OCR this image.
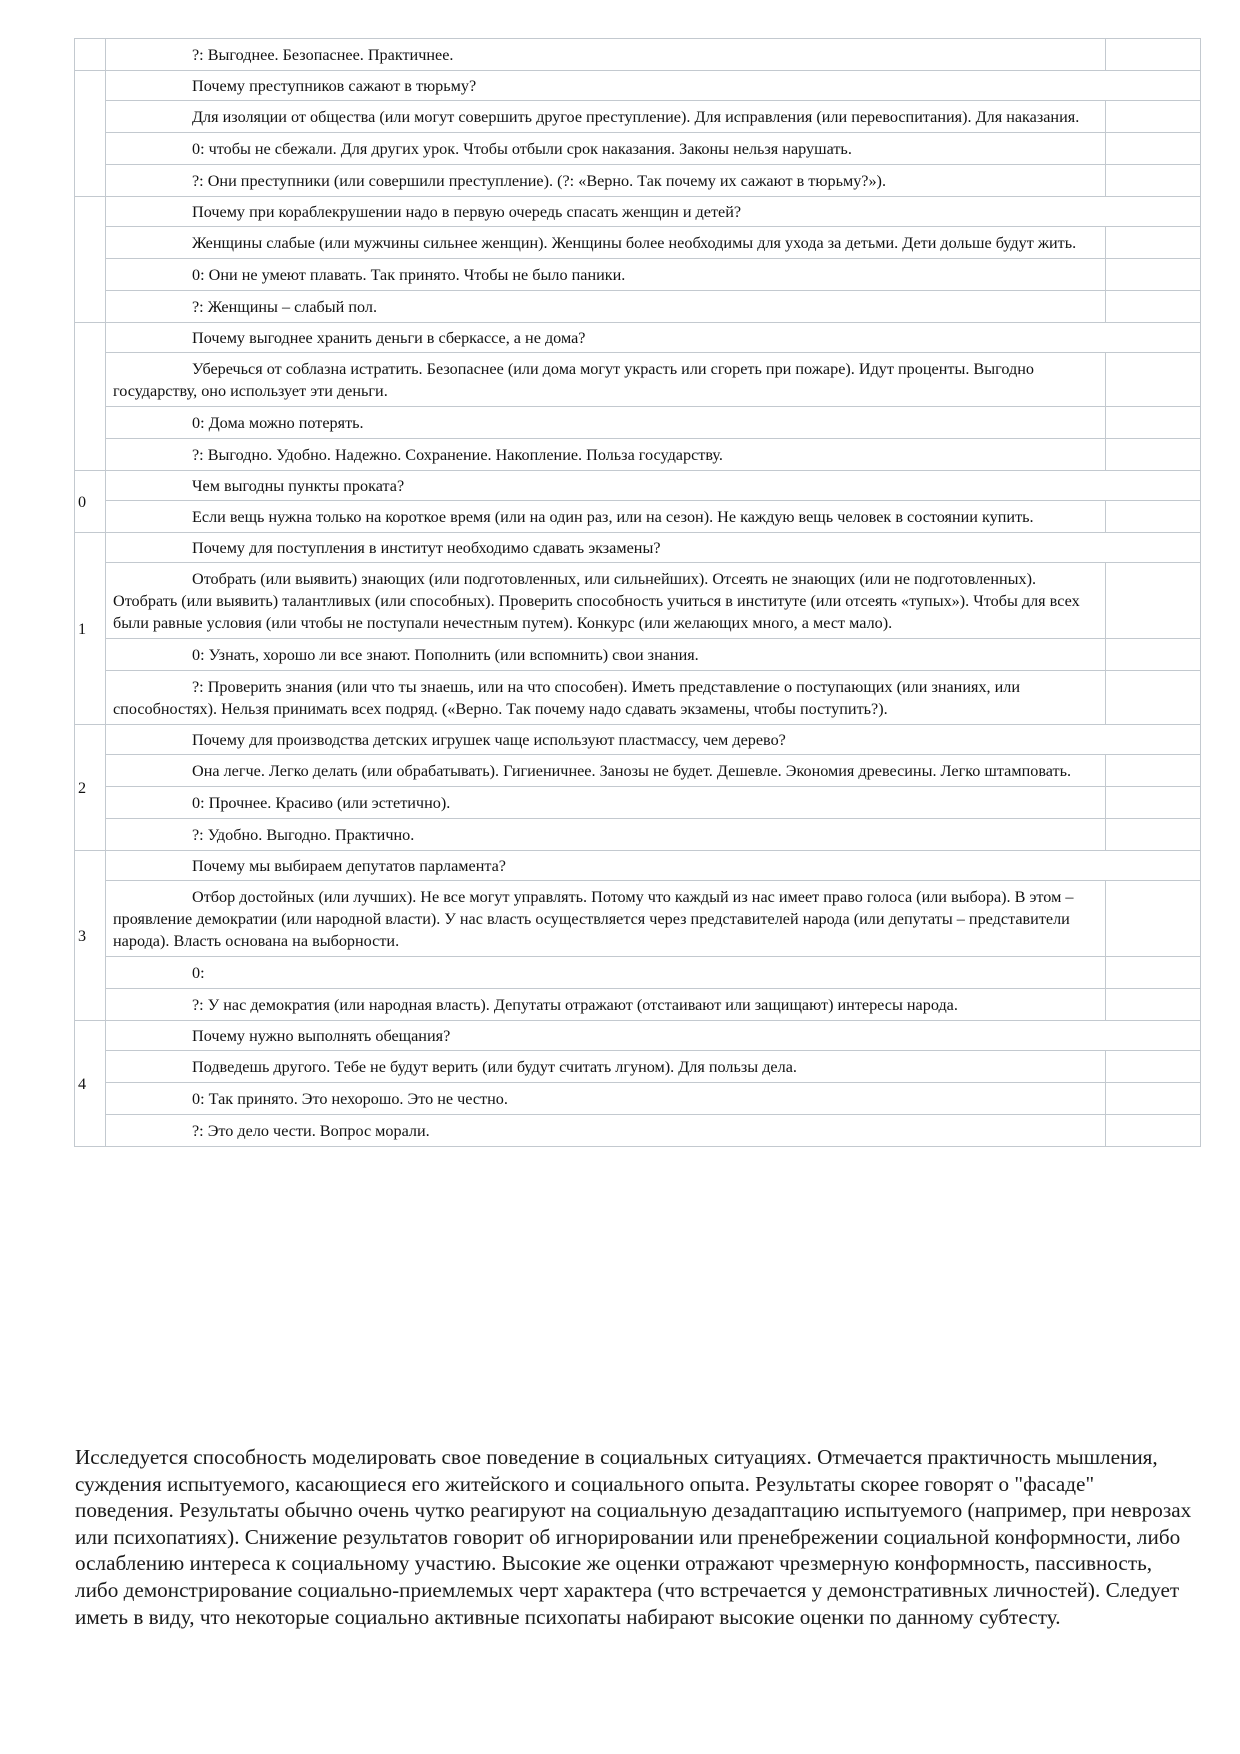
	?: Выгоднее. Безопаснее. Практичнее.	
	Почему преступников сажают в тюрьму?	
	Для изоляции от общества (или могут совершить другое преступление). Для исправления (или перевоспитания). Для наказания.	
	0: чтобы не сбежали. Для других урок. Чтобы отбыли срок наказания. Законы нельзя нарушать.	
	?: Они преступники (или совершили преступление). (?: «Верно. Так почему их сажают в тюрьму?»).	
	Почему при кораблекрушении надо в первую очередь спасать женщин и детей?	
	Женщины слабые (или мужчины сильнее женщин). Женщины более необходимы для ухода за детьми. Дети дольше будут жить.	
	0: Они не умеют плавать. Так принято. Чтобы не было паники.	
	?: Женщины – слабый пол.	
	Почему выгоднее хранить деньги в сберкассе, а не дома?	
	Уберечься от соблазна истратить. Безопаснее (или дома могут украсть или сгореть при пожаре). Идут проценты. Выгодно государству, оно использует эти деньги.	
	0: Дома можно потерять.	
	?: Выгодно. Удобно. Надежно. Сохранение. Накопление. Польза государству.	
0	Чем выгодны пункты проката?	
	Если вещь нужна только на короткое время (или на один раз, или на сезон). Не каждую вещь человек в состоянии купить.	
1	Почему для поступления в институт необходимо сдавать экзамены?	
	Отобрать (или выявить) знающих (или подготовленных, или сильнейших). Отсеять не знающих (или не подготовленных). Отобрать (или выявить) талантливых (или способных). Проверить способность учиться в институте (или отсеять «тупых»). Чтобы для всех были равные условия (или чтобы не поступали нечестным путем). Конкурс (или желающих много, а мест мало).	
	0: Узнать, хорошо ли все знают. Пополнить (или вспомнить) свои знания.	
	?: Проверить знания (или что ты знаешь, или на что способен). Иметь представление о поступающих (или знаниях, или способностях). Нельзя принимать всех подряд. («Верно. Так почему надо сдавать экзамены, чтобы поступить?).	
2	Почему для производства детских игрушек чаще используют пластмассу, чем дерево?	
	Она легче. Легко делать (или обрабатывать). Гигиеничнее. Занозы не будет. Дешевле. Экономия древесины. Легко штамповать.	
	0: Прочнее. Красиво (или эстетично).	
	?: Удобно. Выгодно. Практично.	
3	Почему мы выбираем депутатов парламента?	
	Отбор достойных (или лучших). Не все могут управлять. Потому что каждый из нас имеет право голоса (или выбора). В этом – проявление демократии (или народной власти). У нас власть осуществляется через представителей народа (или депутаты – представители народа). Власть основана на выборности.	
	0:	
	?: У нас демократия (или народная власть). Депутаты отражают (отстаивают или защищают) интересы народа.	
4	Почему нужно выполнять обещания?	
	Подведешь другого. Тебе не будут верить (или будут считать лгуном). Для пользы дела.	
	0: Так принято. Это нехорошо. Это не честно.	
	?: Это дело чести. Вопрос морали.	

Исследуется способность моделировать свое поведение в социальных ситуациях. Отмечается практичность мышления, суждения испытуемого, касающиеся его житейского и социального опыта. Результаты скорее говорят о "фасаде" поведения. Результаты обычно очень чутко реагируют на социальную дезадаптацию испытуемого (например, при неврозах или психопатиях). Снижение результатов говорит об игнорировании или пренебрежении социальной конформности, либо ослаблению интереса к социальному участию. Высокие же оценки отражают чрезмерную конформность, пассивность, либо демонстрирование социально-приемлемых черт характера (что встречается у демонстративных личностей). Следует иметь в виду, что некоторые социально активные психопаты набирают высокие оценки по данному субтесту.
